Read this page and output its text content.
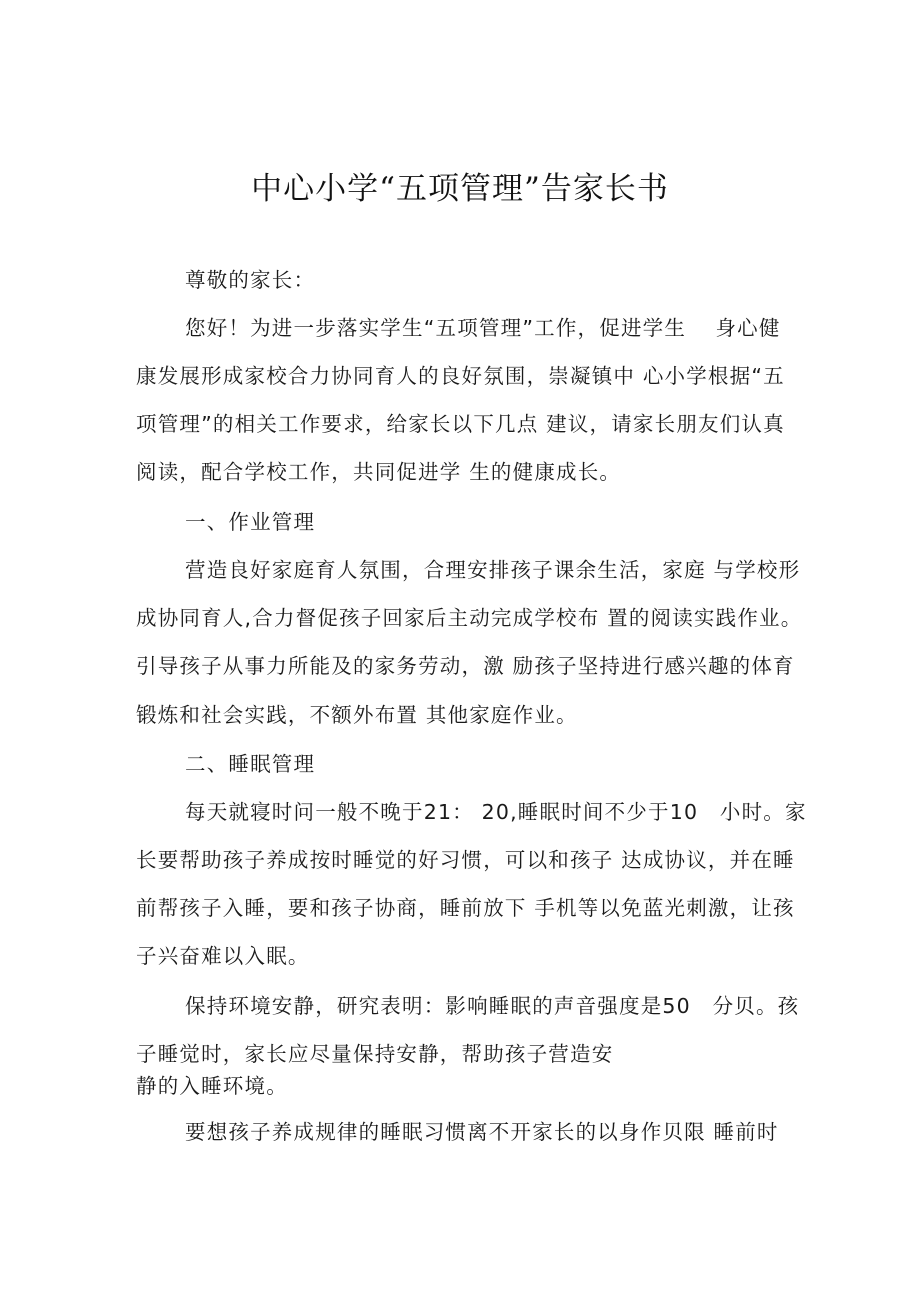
中心小学“五项管理”告家长书
尊敬的家长：
您好！为进一步落实学生“五项管理”工作，促进学生　 身心健
康发展形成家校合力协同育人的良好氛围，崇凝镇中 心小学根据“五
项管理”的相关工作要求，给家长以下几点 建议，请家长朋友们认真
阅读，配合学校工作，共同促进学 生的健康成长。
一、作业管理
营造良好家庭育人氛围，合理安排孩子课余生活，家庭 与学校形
成协同育人,合力督促孩子回家后主动完成学校布 置的阅读实践作业。
引导孩子从事力所能及的家务劳动，激 励孩子坚持进行感兴趣的体育
锻炼和社会实践，不额外布置 其他家庭作业。
二、睡眠管理
每天就寝时问一般不晚于21： 20,睡眠时间不少于10　小时。家
长要帮助孩子养成按时睡觉的好习惯，可以和孩子 达成协议，并在睡
前帮孩子入睡，要和孩子协商，睡前放下 手机等以免蓝光刺激，让孩
子兴奋难以入眠。
保持环境安静，研究表明：影响睡眠的声音强度是50　分贝。孩
子睡觉时，家长应尽量保持安静，帮助孩子营造安
静的入睡环境。
要想孩子养成规律的睡眠习惯离不开家长的以身作贝限 睡前时
